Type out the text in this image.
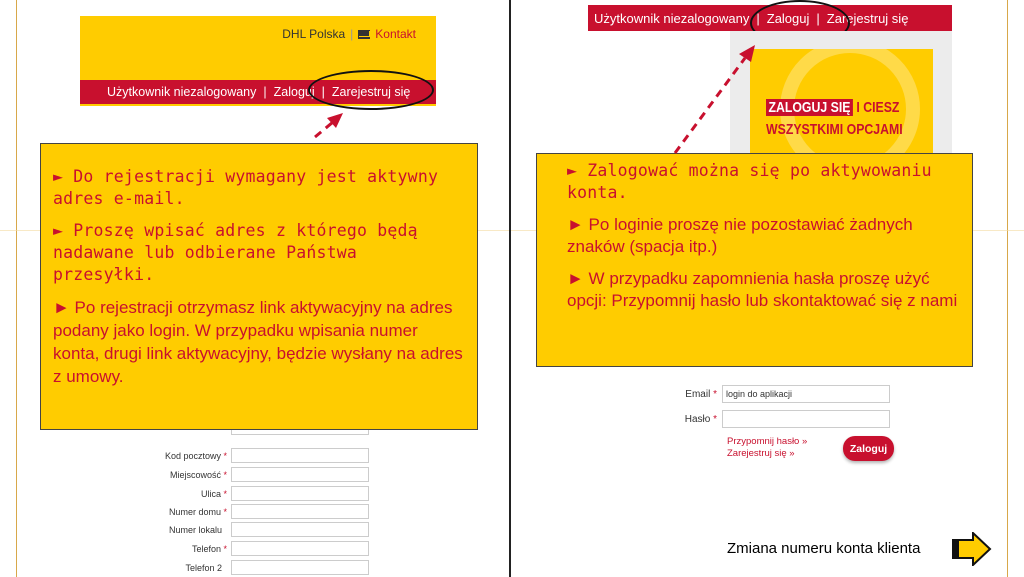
DHL Polska | Kontakt
Użytkownik niezalogowany | Zaloguj | Zarejestruj się
Kod pocztowy *
Miejscowość *
Ulica *
Numer domu *
Numer lokalu
Telefon *
Telefon 2

► Do rejestracji wymagany jest aktywny adres e-mail.

► Proszę wpisać adres z którego będą nadawane lub odbierane Państwa przesyłki.

► Po rejestracji otrzymasz link aktywacyjny na adres podany jako login. W przypadku wpisania numer konta, drugi link aktywacyjny, będzie wysłany na adres z umowy.

Użytkownik niezalogowany | Zaloguj | Zarejestruj się
ZALOGUJ SIĘ I CIESZ
WSZYSTKIMI OPCJAMI

► Zalogować można się po aktywowaniu konta.

► Po loginie proszę nie pozostawiać żadnych znaków (spacja itp.)

► W przypadku zapomnienia hasła proszę użyć opcji: Przypomnij hasło lub skontaktować się z nami

Email *	login do aplikacji
Hasło *
Przypomnij hasło »
Zarejestruj się »	Zaloguj
Zmiana numeru konta klienta
